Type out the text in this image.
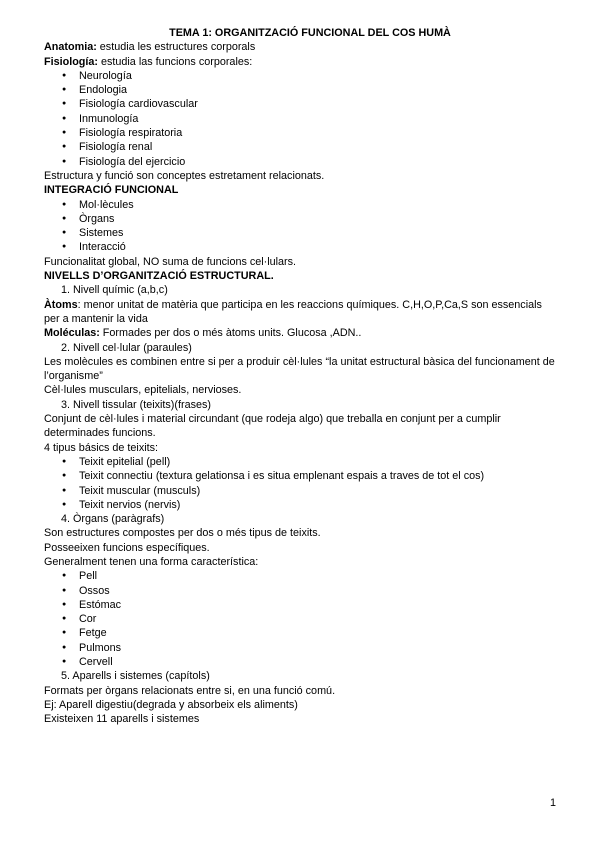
TEMA 1: ORGANITZACIÓ FUNCIONAL DEL COS HUMÀ
Anatomia: estudia les estructures corporals
Fisiología: estudia las funcions corporales:
● Neurología
● Endologia
● Fisiología cardiovascular
● Inmunología
● Fisiología respiratoria
● Fisiología renal
● Fisiología del ejercicio
Estructura y funció son conceptes estretament relacionats.
INTEGRACIÓ FUNCIONAL
● Mol·lècules
● Òrgans
● Sistemes
● Interacció
Funcionalitat global, NO suma de funcions cel·lulars.
NIVELLS D’ORGANITZACIÓ ESTRUCTURAL.
1. Nivell químic (a,b,c)
Àtoms: menor unitat de matèria que participa en les reaccions químiques. C,H,O,P,Ca,S son essencials per a mantenir la vida
Moléculas: Formades per dos o més àtoms units. Glucosa ,ADN..
2. Nivell cel·lular (paraules)
Les molècules es combinen entre si per a produir cèl·lules “la unitat estructural bàsica del funcionament de l’organisme”
Cèl·lules musculars, epitelials, nervioses.
3. Nivell tissular (teixits)(frases)
Conjunt de cèl·lules i material circundant (que rodeja algo) que treballa en conjunt per a cumplir determinades funcions.
4 tipus básics de teixits:
● Teixit epitelial (pell)
● Teixit connectiu (textura gelationsa i es situa emplenant espais a traves de tot el cos)
● Teixit muscular (musculs)
● Teixit nervios (nervis)
4. Òrgans (paràgrafs)
Son estructures compostes per dos o més tipus de teixits.
Posseeixen funcions específiques.
Generalment tenen una forma característica:
● Pell
● Ossos
● Estómac
● Cor
● Fetge
● Pulmons
● Cervell
5. Aparells i sistemes (capítols)
Formats per òrgans relacionats entre si, en una funció comú.
Ej: Aparell digestiu(degrada y absorbeix els aliments)
Existeixen 11 aparells i sistemes
1
